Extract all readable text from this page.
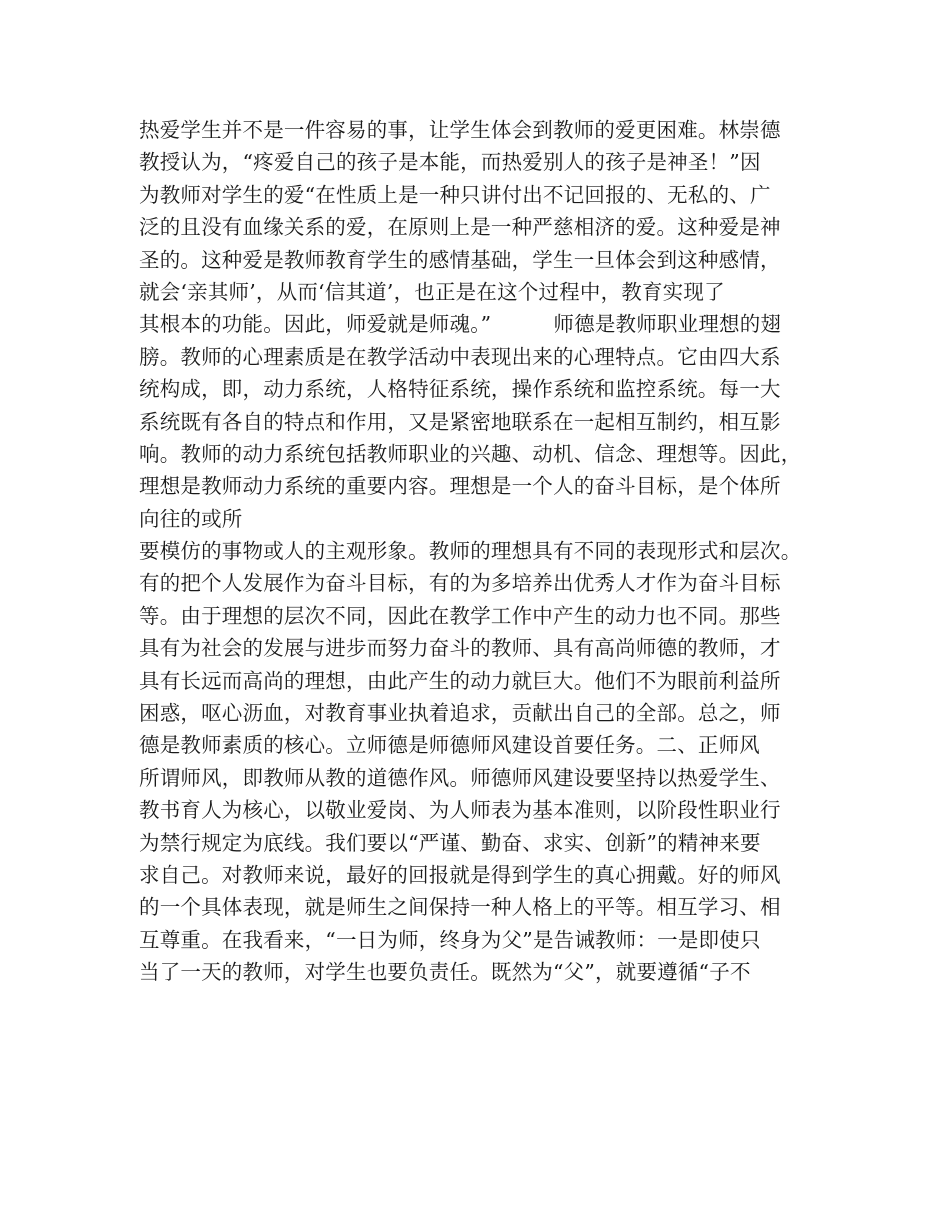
热爱学生并不是一件容易的事，让学生体会到教师的爱更困难。林崇德
教授认为，“疼爱自己的孩子是本能，而热爱别人的孩子是神圣！”因
为教师对学生的爱“在性质上是一种只讲付出不记回报的、无私的、广
泛的且没有血缘关系的爱，在原则上是一种严慈相济的爱。这种爱是神
圣的。这种爱是教师教育学生的感情基础，学生一旦体会到这种感情，
就会‘亲其师’，从而‘信其道’，也正是在这个过程中，教育实现了
其根本的功能。因此，师爱就是师魂。”　　　师德是教师职业理想的翅
膀。教师的心理素质是在教学活动中表现出来的心理特点。它由四大系
统构成，即，动力系统，人格特征系统，操作系统和监控系统。每一大
系统既有各自的特点和作用，又是紧密地联系在一起相互制约，相互影
响。教师的动力系统包括教师职业的兴趣、动机、信念、理想等。因此，
理想是教师动力系统的重要内容。理想是一个人的奋斗目标，是个体所
向往的或所
要模仿的事物或人的主观形象。教师的理想具有不同的表现形式和层次。
有的把个人发展作为奋斗目标，有的为多培养出优秀人才作为奋斗目标
等。由于理想的层次不同，因此在教学工作中产生的动力也不同。那些
具有为社会的发展与进步而努力奋斗的教师、具有高尚师德的教师，才
具有长远而高尚的理想，由此产生的动力就巨大。他们不为眼前利益所
困惑，呕心沥血，对教育事业执着追求，贡献出自己的全部。总之，师
德是教师素质的核心。立师德是师德师风建设首要任务。二、正师风
所谓师风，即教师从教的道德作风。师德师风建设要坚持以热爱学生、
教书育人为核心，以敬业爱岗、为人师表为基本准则，以阶段性职业行
为禁行规定为底线。我们要以“严谨、勤奋、求实、创新”的精神来要
求自己。对教师来说，最好的回报就是得到学生的真心拥戴。好的师风
的一个具体表现，就是师生之间保持一种人格上的平等。相互学习、相
互尊重。在我看来，“一日为师，终身为父”是告诫教师：一是即使只
当了一天的教师，对学生也要负责任。既然为“父”，就要遵循“子不
